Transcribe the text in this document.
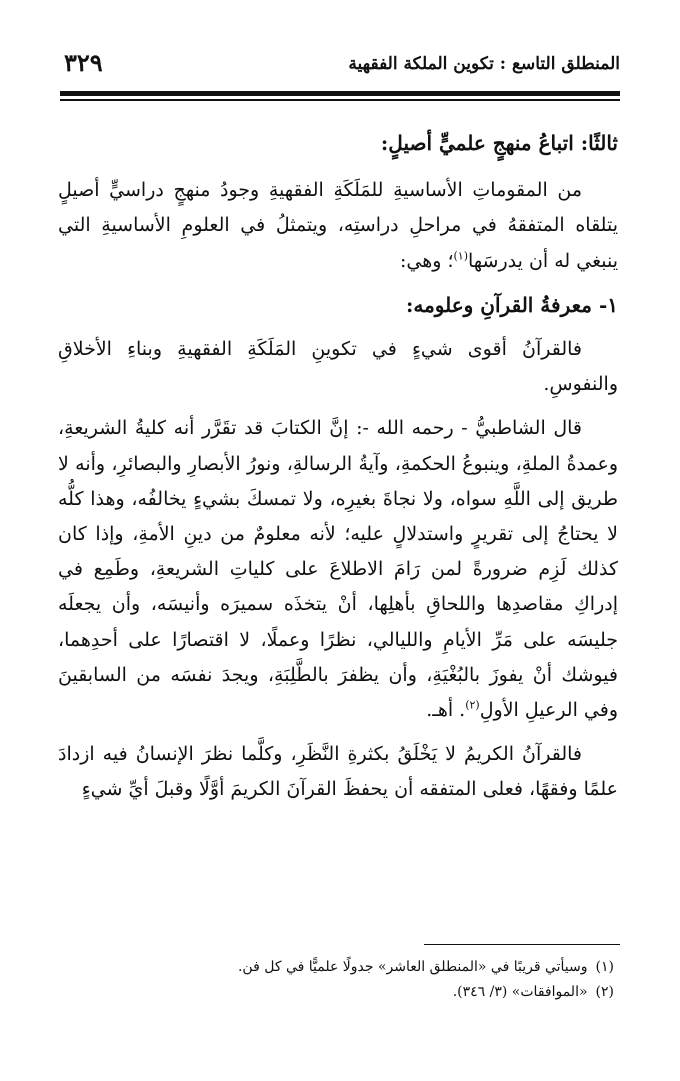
٣٢٩	المنطلق التاسع : تكوين الملكة الفقهية

ثالثًا: اتباعُ منهجٍ علميٍّ أصيلٍ:

من المقوماتِ الأساسيةِ للمَلَكَةِ الفقهيةِ وجودُ منهجٍ دراسيٍّ أصيلٍ يتلقاه المتفقهُ في مراحلِ دراستِه، ويتمثلُ في العلومِ الأساسيةِ التي ينبغي له أن يدرسَها$^{(١)}$؛ وهي:

١- معرفةُ القرآنِ وعلومه:

فالقرآنُ أقوى شيءٍ في تكوينِ المَلَكَةِ الفقهيةِ وبناءِ الأخلاقِ والنفوسِ.

قال الشاطبيُّ - رحمه الله -: إنَّ الكتابَ قد تقَرَّر أنه كليةُ الشريعةِ، وعمدةُ الملةِ، وينبوعُ الحكمةِ، وآيةُ الرسالةِ، ونورُ الأبصارِ والبصائرِ، وأنه لا طريق إلى اللَّهِ سواه، ولا نجاةَ بغيرِه، ولا تمسكَ بشيءٍ يخالفُه، وهذا كلُّه لا يحتاجُ إلى تقريرٍ واستدلالٍ عليه؛ لأنه معلومٌ من دينِ الأمةِ، وإذا كان كذلك لَزِم ضرورةً لمن رَامَ الاطلاعَ على كلياتِ الشريعةِ، وطَمِع في إدراكِ مقاصدِها واللحاقِ بأهلِها، أنْ يتخذَه سميرَه وأنيسَه، وأن يجعلَه جليسَه على مَرِّ الأيامِ والليالي، نظرًا وعملًا، لا اقتصارًا على أحدِهما، فيوشك أنْ يفوزَ بالبُغْيَةِ، وأن يظفرَ بالطَّلِبَةِ، ويجدَ نفسَه من السابقينَ وفي الرعيلِ الأولِ$^{(٢)}$. أهـ.

فالقرآنُ الكريمُ لا يَخْلَقُ بكثرةِ النَّظَرِ، وكلَّما نظرَ الإنسانُ فيه ازدادَ علمًا وفقهًا، فعلى المتفقه أن يحفظَ القرآنَ الكريمَ أوَّلًا وقبلَ أيِّ شيءٍ

(١)وسيأتي قريبًا في «المنطلق العاشر» جدولًا علميًّا في كل فن.

(٢)«الموافقات» (٣/ ٣٤٦).
